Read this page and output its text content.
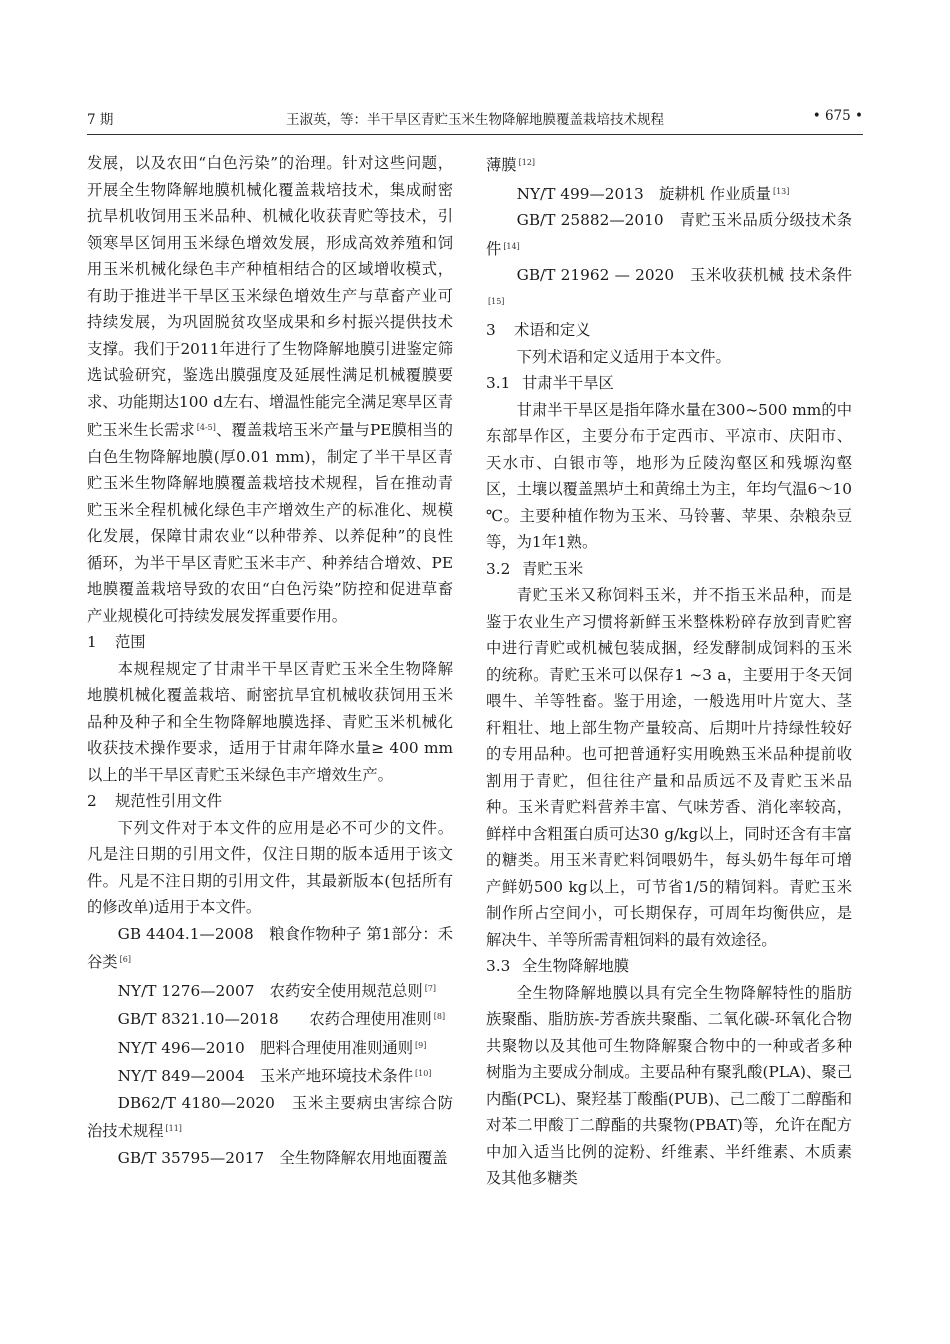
7 期	王淑英，等：半干旱区青贮玉米生物降解地膜覆盖栽培技术规程	• 675 •

发展，以及农田“白色污染”的治理。针对这些问题，开展全生物降解地膜机械化覆盖栽培技术，集成耐密抗旱机收饲用玉米品种、机械化收获青贮等技术，引领寒旱区饲用玉米绿色增效发展，形成高效养殖和饲用玉米机械化绿色丰产种植相结合的区域增收模式，有助于推进半干旱区玉米绿色增效生产与草畜产业可持续发展，为巩固脱贫攻坚成果和乡村振兴提供技术支撑。我们于2011年进行了生物降解地膜引进鉴定筛选试验研究，鉴选出膜强度及延展性满足机械覆膜要求、功能期达100 d左右、增温性能完全满足寒旱区青贮玉米生长需求 [4-5]、覆盖栽培玉米产量与PE膜相当的白色生物降解地膜(厚0.01 mm)，制定了半干旱区青贮玉米生物降解地膜覆盖栽培技术规程，旨在推动青贮玉米全程机械化绿色丰产增效生产的标准化、规模化发展，保障甘肃农业“以种带养、以养促种”的良性循环，为半干旱区青贮玉米丰产、种养结合增效、PE地膜覆盖栽培导致的农田“白色污染”防控和促进草畜产业规模化可持续发展发挥重要作用。

1 范围

本规程规定了甘肃半干旱区青贮玉米全生物降解地膜机械化覆盖栽培、耐密抗旱宜机械收获饲用玉米品种及种子和全生物降解地膜选择、青贮玉米机械化收获技术操作要求，适用于甘肃年降水量≥ 400 mm以上的半干旱区青贮玉米绿色丰产增效生产。

2 规范性引用文件

下列文件对于本文件的应用是必不可少的文件。凡是注日期的引用文件，仅注日期的版本适用于该文件。凡是不注日期的引用文件，其最新版本(包括所有的修改单)适用于本文件。

GB 4404.1—2008　粮食作物种子 第1部分：禾谷类 [6]

NY/T 1276—2007　农药安全使用规范总则 [7]

GB/T 8321.10—2018　　农药合理使用准则 [8]

NY/T 496—2010　肥料合理使用准则通则 [9]

NY/T 849—2004　玉米产地环境技术条件 [10]

DB62/T 4180—2020　玉米主要病虫害综合防治技术规程 [11]

GB/T 35795—2017　全生物降解农用地面覆盖

薄膜 [12]

NY/T 499—2013　旋耕机 作业质量 [13]

GB/T 25882—2010　青贮玉米品质分级技术条件 [14]

GB/T 21962 — 2020　玉米收获机械 技术条件[15]

3 术语和定义

下列术语和定义适用于本文件。

3.1 甘肃半干旱区

甘肃半干旱区是指年降水量在300~500 mm的中东部旱作区，主要分布于定西市、平凉市、庆阳市、天水市、白银市等，地形为丘陵沟壑区和残塬沟壑区，土壤以覆盖黑垆土和黄绵土为主，年均气温6～10 ℃。主要种植作物为玉米、马铃薯、苹果、杂粮杂豆等，为1年1熟。

3.2 青贮玉米

青贮玉米又称饲料玉米，并不指玉米品种，而是鉴于农业生产习惯将新鲜玉米整株粉碎存放到青贮窖中进行青贮或机械包装成捆，经发酵制成饲料的玉米的统称。青贮玉米可以保存1 ~3 a，主要用于冬天饲喂牛、羊等牲畜。鉴于用途，一般选用叶片宽大、茎秆粗壮、地上部生物产量较高、后期叶片持绿性较好的专用品种。也可把普通籽实用晚熟玉米品种提前收割用于青贮，但往往产量和品质远不及青贮玉米品种。玉米青贮料营养丰富、气味芳香、消化率较高，鲜样中含粗蛋白质可达30 g/kg以上，同时还含有丰富的糖类。用玉米青贮料饲喂奶牛，每头奶牛每年可增产鲜奶500 kg以上，可节省1/5的精饲料。青贮玉米制作所占空间小，可长期保存，可周年均衡供应，是解决牛、羊等所需青粗饲料的最有效途径。

3.3 全生物降解地膜

全生物降解地膜以具有完全生物降解特性的脂肪族聚酯、脂肪族-芳香族共聚酯、二氧化碳-环氧化合物共聚物以及其他可生物降解聚合物中的一种或者多种树脂为主要成分制成。主要品种有聚乳酸(PLA)、聚己内酯(PCL)、聚羟基丁酸酯(PUB)、己二酸丁二醇酯和对苯二甲酸丁二醇酯的共聚物(PBAT)等，允许在配方中加入适当比例的淀粉、纤维素、半纤维素、木质素及其他多糖类
